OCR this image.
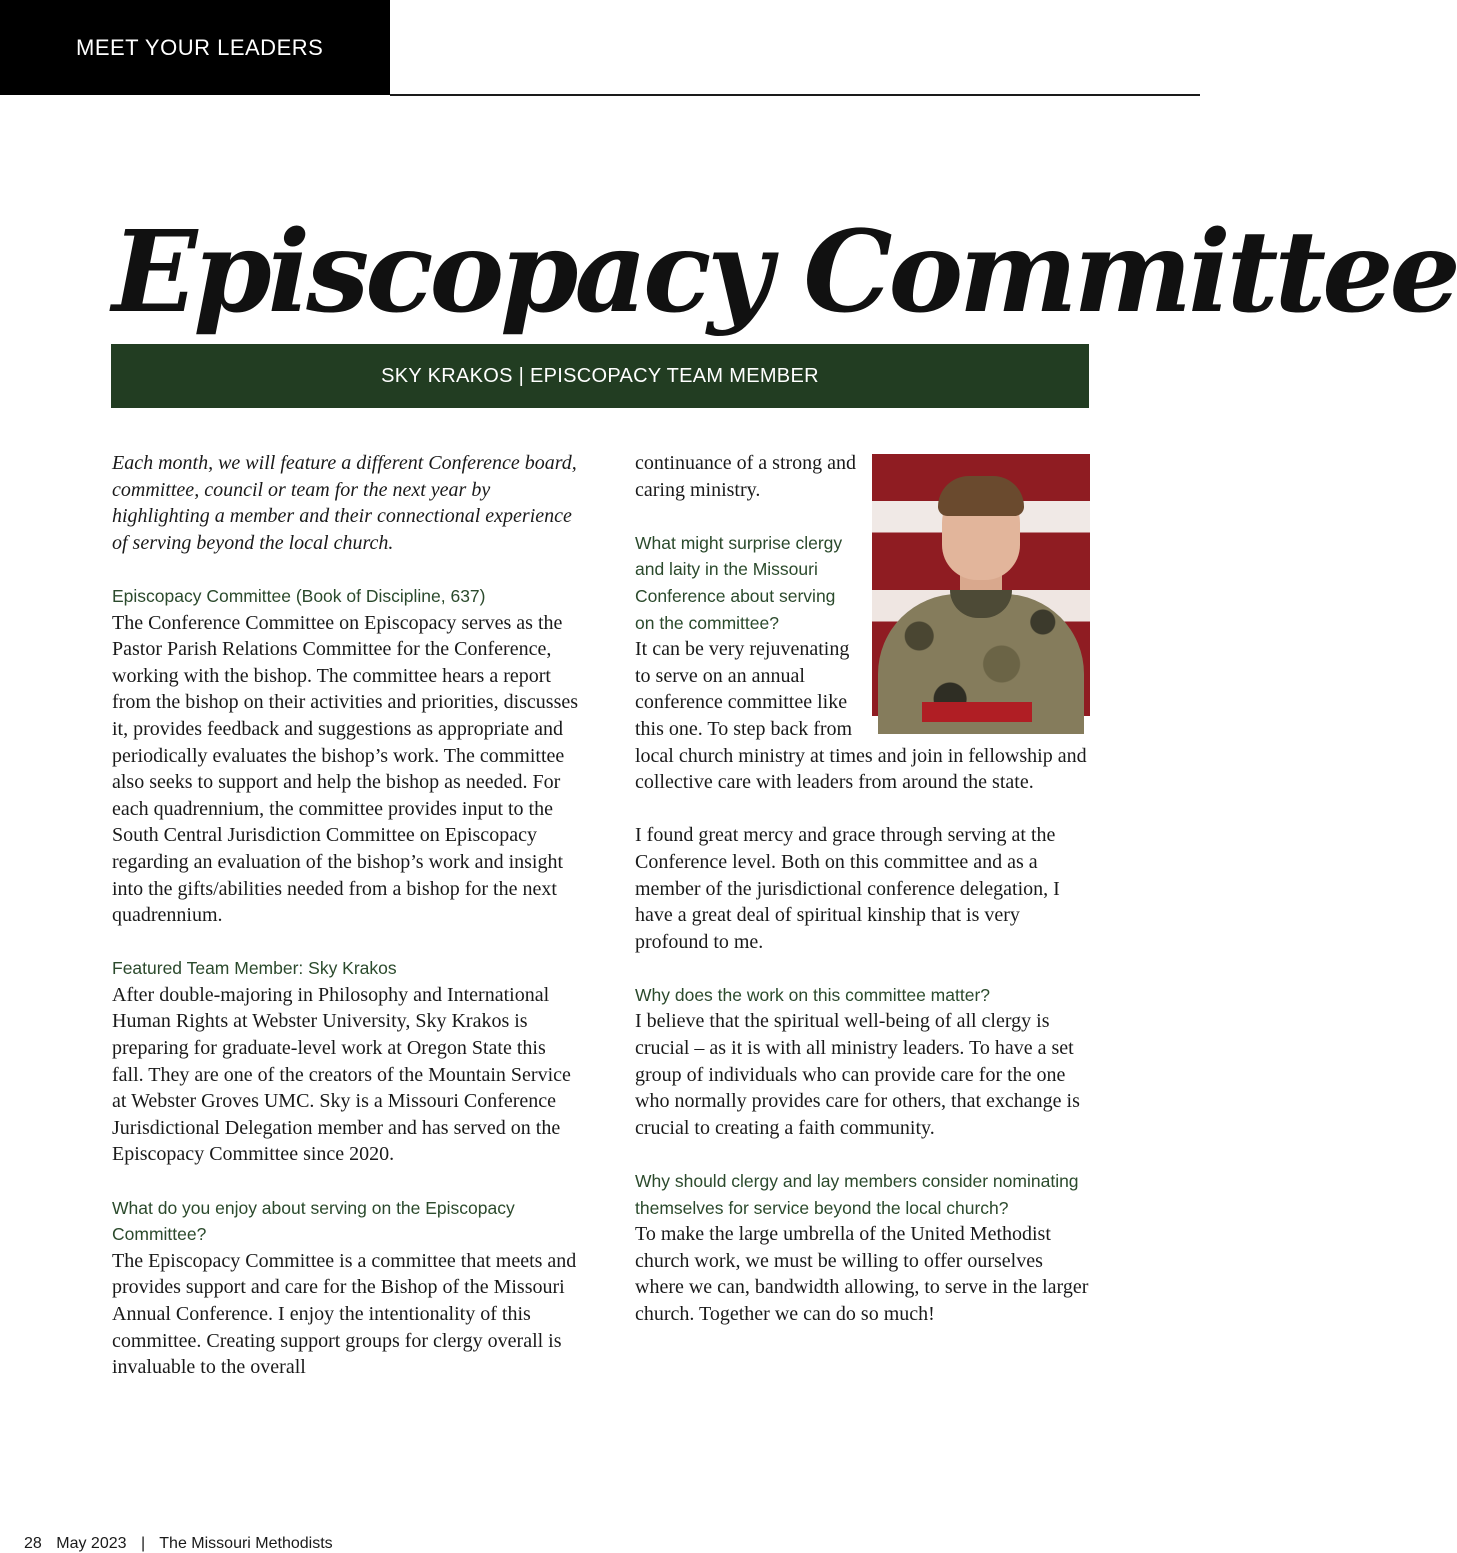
MEET YOUR LEADERS
Episcopacy Committee
SKY KRAKOS | EPISCOPACY TEAM MEMBER

Each month, we will feature a different Conference board, committee, council or team for the next year by highlighting a member and their connectional experience of serving beyond the local church.

Episcopacy Committee (Book of Discipline, 637)

The Conference Committee on Episcopacy serves as the Pastor Parish Relations Committee for the Conference, working with the bishop. The committee hears a report from the bishop on their activities and priorities, discusses it, provides feedback and suggestions as appropriate and periodically evaluates the bishop’s work. The committee also seeks to support and help the bishop as needed. For each quadrennium, the committee provides input to the South Central Jurisdiction Committee on Episcopacy regarding an evaluation of the bishop’s work and insight into the gifts/abilities needed from a bishop for the next quadrennium.

Featured Team Member: Sky Krakos

After double-majoring in Philosophy and International Human Rights at Webster University, Sky Krakos is preparing for graduate-level work at Oregon State this fall. They are one of the creators of the Mountain Service at Webster Groves UMC. Sky is a Missouri Conference Jurisdictional Delegation member and has served on the Episcopacy Committee since 2020.

What do you enjoy about serving on the Episcopacy Committee?

The Episcopacy Committee is a committee that meets and provides support and care for the Bishop of the Missouri Annual Conference. I enjoy the intentionality of this committee. Creating support groups for clergy overall is invaluable to the overall

continuance of a strong and caring ministry.

What might surprise clergy and laity in the Missouri Conference about serving on the committee?

It can be very rejuvenating to serve on an annual conference committee like this one. To step back from local church ministry at times and join in fellowship and collective care with leaders from around the state.

I found great mercy and grace through serving at the Conference level. Both on this committee and as a member of the jurisdictional conference delegation, I have a great deal of spiritual kinship that is very profound to me.

Why does the work on this committee matter?

I believe that the spiritual well-being of all clergy is crucial – as it is with all ministry leaders. To have a set group of individuals who can provide care for the one who normally provides care for others, that exchange is crucial to creating a faith community.

Why should clergy and lay members consider nominating themselves for service beyond the local church?

To make the large umbrella of the United Methodist church work, we must be willing to offer ourselves where we can, bandwidth allowing, to serve in the larger church. Together we can do so much!

28 May 2023 | The Missouri Methodists
